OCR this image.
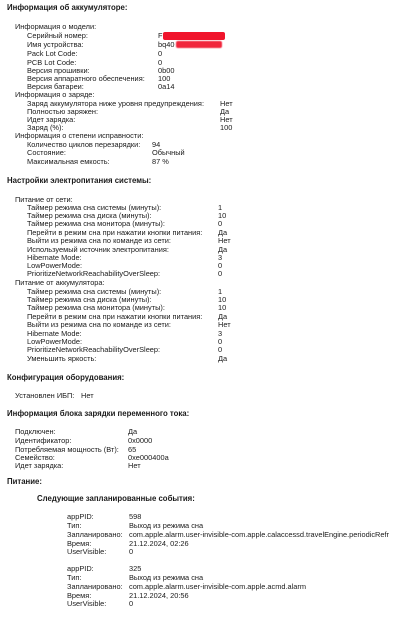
Информация об аккумуляторе:
Информация о модели:
Серийный номер:	F
Имя устройства:	bq40
Pack Lot Code:	0
PCB Lot Code:	0
Версия прошивки:	0b00
Версия аппаратного обеспечения: 100
Версия батареи:	0a14
Информация о заряде:
Заряд аккумулятора ниже уровня предупреждения: Нет
Полностью заряжен:	Да
Идет зарядка:	Нет
Заряд (%):	100
Информация о степени исправности:
Количество циклов перезарядки: 94
Состояние:	Обычный
Максимальная емкость:	87 %
Настройки электропитания системы:
Питание от сети:
Таймер режима сна системы (минуты):	1
Таймер режима сна диска (минуты):	10
Таймер режима сна монитора (минуты):	0
Перейти в режим сна при нажатии кнопки питания: Да
Выйти из режима сна по команде из сети:	Нет
Используемый источник электропитания:	Да
Hibernate Mode:	3
LowPowerMode:	0
PrioritizeNetworkReachabilityOverSleep:	0
Питание от аккумулятора:
Таймер режима сна системы (минуты):	1
Таймер режима сна диска (минуты):	10
Таймер режима сна монитора (минуты):	10
Перейти в режим сна при нажатии кнопки питания: Да
Выйти из режима сна по команде из сети:	Нет
Hibernate Mode:	3
LowPowerMode:	0
PrioritizeNetworkReachabilityOverSleep:	0
Уменьшить яркость:	Да
Конфигурация оборудования:
Установлен ИБП: Нет
Информация блока зарядки переменного тока:
Подключен:	Да
Идентификатор:	0x0000
Потребляемая мощность (Вт): 65
Семейство:	0xe000400a
Идет зарядка:	Нет
Питание:
Следующие запланированные события:
appPID:	598
Тип:	Выход из режима сна
Запланировано: com.apple.alarm.user-invisible-com.apple.calaccessd.travelEngine.periodicRefr
Время:	21.12.2024, 02:26
UserVisible:	0
appPID:	325
Тип:	Выход из режима сна
Запланировано: com.apple.alarm.user-invisible-com.apple.acmd.alarm
Время:	21.12.2024, 20:56
UserVisible:	0
